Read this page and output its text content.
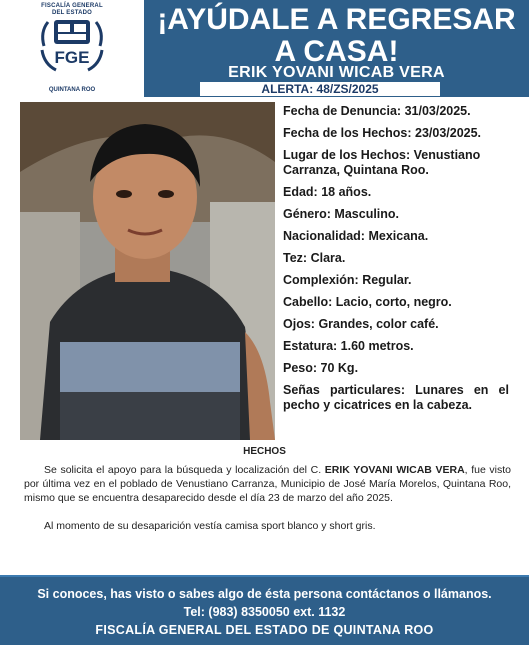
FISCALÍA GENERAL
DEL ESTADO
FGE
QUINTANA ROO
¡AYÚDALE A REGRESAR
A CASA!
ERIK YOVANI WICAB VERA
ALERTA: 48/ZS/2025
Fecha de Denuncia: 31/03/2025.
Fecha de los Hechos: 23/03/2025.
Lugar de los Hechos: Venustiano Carranza, Quintana Roo.
Edad: 18 años.
Género: Masculino.
Nacionalidad: Mexicana.
Tez: Clara.
Complexión: Regular.
Cabello: Lacio, corto, negro.
Ojos: Grandes, color café.
Estatura: 1.60 metros.
Peso: 70 Kg.
Señas particulares: Lunares en el pecho y cicatrices en la cabeza.
HECHOS

Se solicita el apoyo para la búsqueda y localización del C. ERIK YOVANI WICAB VERA, fue visto por última vez en el poblado de Venustiano Carranza, Municipio de José María Morelos, Quintana Roo, mismo que se encuentra desaparecido desde el día 23 de marzo del año 2025.

Al momento de su desaparición vestía camisa sport blanco y short gris.

Si conoces, has visto o sabes algo de ésta persona contáctanos o llámanos.
Tel: (983) 8350050 ext. 1132
FISCALÍA GENERAL DEL ESTADO DE QUINTANA ROO
